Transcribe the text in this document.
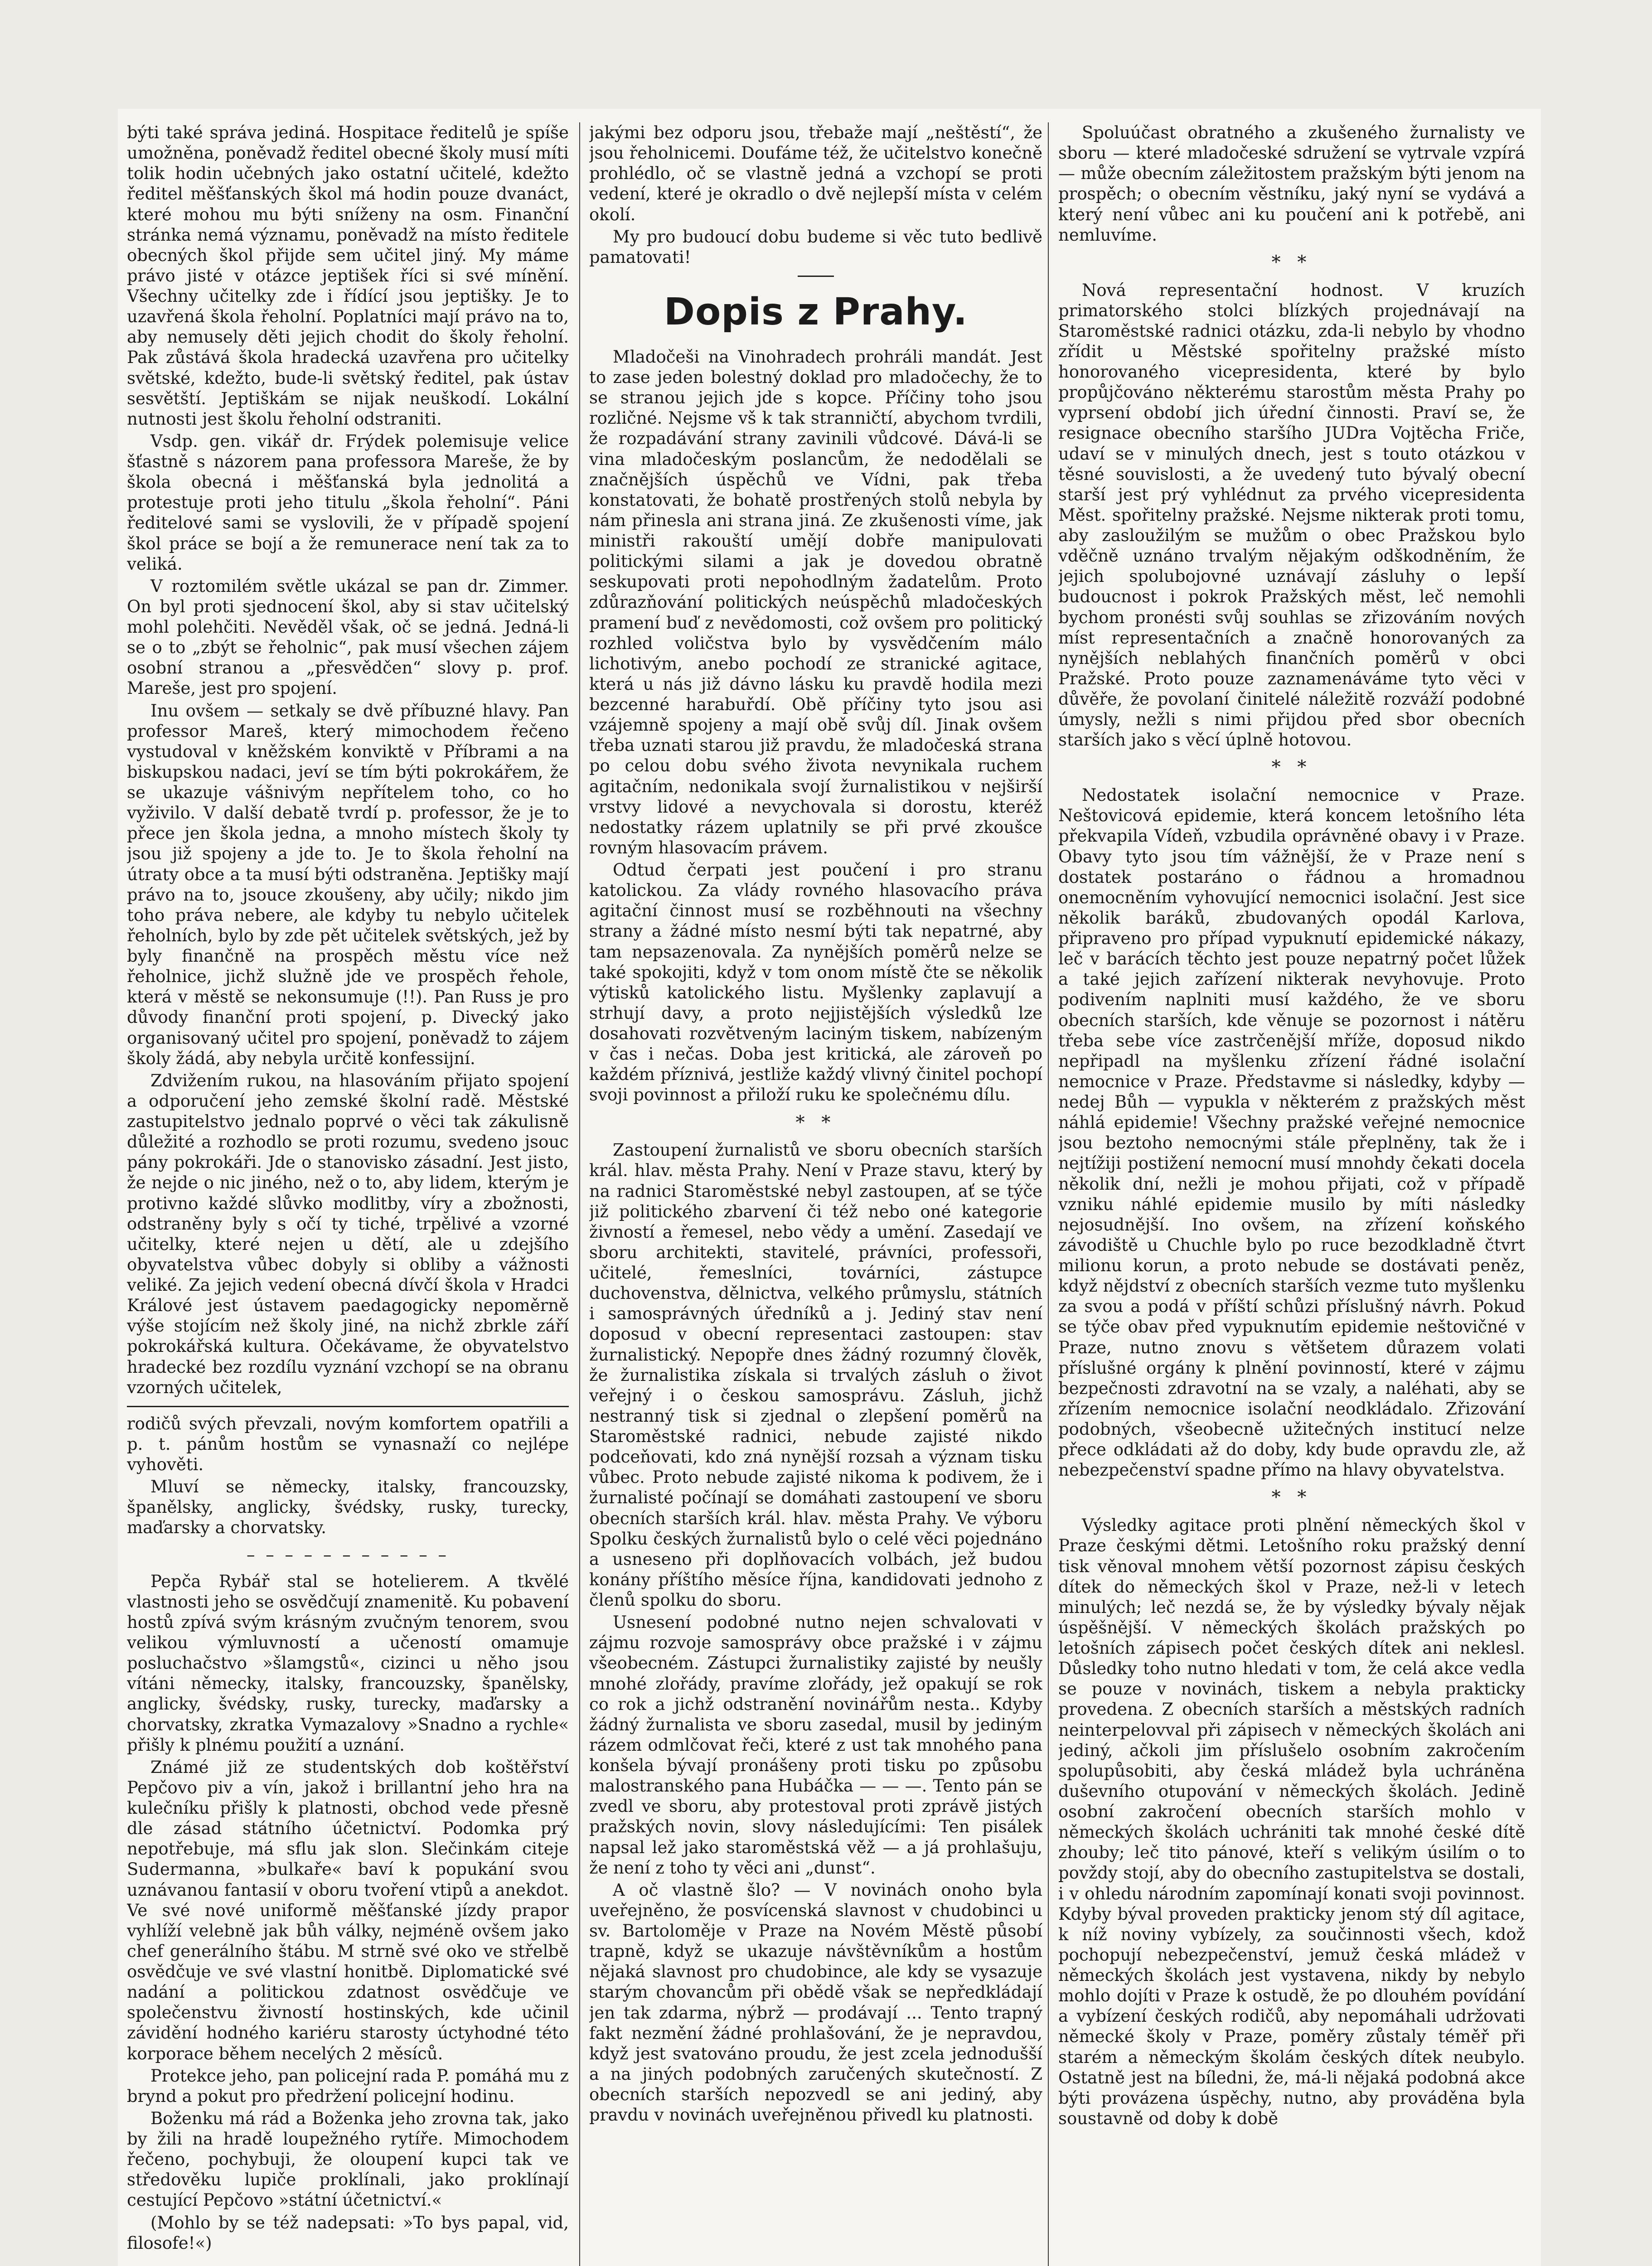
býti také správa jediná. Hospitace ředitelů je spíše umožněna, poněvadž ředitel obecné školy musí míti tolik hodin učebných jako ostatní učitelé, kdežto ředitel měšťanských škol má hodin pouze dvanáct, které mohou mu býti sníženy na osm. Finanční stránka nemá významu, poněvadž na místo ředitele obecných škol přijde sem učitel jiný. My máme právo jisté v otázce jeptišek říci si své mínění. Všechny učitelky zde i řídící jsou jeptišky. Je to uzavřená škola řeholní. Poplatníci mají právo na to, aby nemusely děti jejich chodit do školy řeholní. Pak zůstává škola hradecká uzavřena pro učitelky světské, kdežto, bude-li světský ředitel, pak ústav sesvětští. Jeptiškám se nijak neuškodí. Lokální nutnosti jest školu řeholní odstraniti.

Vsdp. gen. vikář dr. Frýdek polemisuje velice šťastně s názorem pana professora Mareše, že by škola obecná i měšťanská byla jednolitá a protestuje proti jeho titulu „škola řeholní“. Páni ředitelové sami se vyslovili, že v případě spojení škol práce se bojí a že remunerace není tak za to veliká.

V roztomilém světle ukázal se pan dr. Zimmer. On byl proti sjednocení škol, aby si stav učitelský mohl polehčiti. Nevěděl však, oč se jedná. Jedná-li se o to „zbýt se řeholnic“, pak musí všechen zájem osobní stranou a „přesvědčen“ slovy p. prof. Mareše, jest pro spojení.

Inu ovšem — setkaly se dvě příbuzné hlavy. Pan professor Mareš, který mimochodem řečeno vystudoval v kněžském konviktě v Příbrami a na biskupskou nadaci, jeví se tím býti pokrokářem, že se ukazuje vášnivým nepřítelem toho, co ho vyživilo. V další debatě tvrdí p. professor, že je to přece jen škola jedna, a mnoho místech školy ty jsou již spojeny a jde to. Je to škola řeholní na útraty obce a ta musí býti odstraněna. Jeptišky mají právo na to, jsouce zkoušeny, aby učily; nikdo jim toho práva nebere, ale kdyby tu nebylo učitelek řeholních, bylo by zde pět učitelek světských, jež by byly finančně na prospěch městu více než řeholnice, jichž služně jde ve prospěch řehole, která v městě se nekonsumuje (!!). Pan Russ je pro důvody finanční proti spojení, p. Divecký jako organisovaný učitel pro spojení, poněvadž to zájem školy žádá, aby nebyla určitě konfessijní.

Zdvižením rukou, na hlasováním přijato spojení a odporučení jeho zemské školní radě. Městské zastupitelstvo jednalo poprvé o věci tak zákulisně důležité a rozhodlo se proti rozumu, svedeno jsouc pány pokrokáři. Jde o stanovisko zásadní. Jest jisto, že nejde o nic jiného, než o to, aby lidem, kterým je protivno každé slůvko modlitby, víry a zbožnosti, odstraněny byly s očí ty tiché, trpělivé a vzorné učitelky, které nejen u dětí, ale u zdejšího obyvatelstva vůbec dobyly si obliby a vážnosti veliké. Za jejich vedení obecná dívčí škola v Hradci Králové jest ústavem paedagogicky nepoměrně výše stojícím než školy jiné, na nichž zbrkle září pokrokářská kultura. Očekávame, že obyvatelstvo hradecké bez rozdílu vyznání vzchopí se na obranu vzorných učitelek,

rodičů svých převzali, novým komfortem opatřili a p. t. pánům hostům se vynasnaží co nejlépe vyhověti.

Mluví se německy, italsky, francouzsky, španělsky, anglicky, švédsky, rusky, turecky, maďarsky a chorvatsky.

– – – – – – – – – – –

Pepča Rybář stal se hotelierem. A tkvělé vlastnosti jeho se osvědčují znamenitě. Ku pobavení hostů zpívá svým krásným zvučným tenorem, svou velikou výmluvností a učeností omamuje posluchačstvo »šlamgstů«, cizinci u něho jsou vítáni německy, italsky, francouzsky, španělsky, anglicky, švédsky, rusky, turecky, maďarsky a chorvatsky, zkratka Vymazalovy »Snadno a rychle« přišly k plnému použití a uznání.

Známé již ze studentských dob koštěřství Pepčovo piv a vín, jakož i brillantní jeho hra na kulečníku přišly k platnosti, obchod vede přesně dle zásad státního účetnictví. Podomka prý nepotřebuje, má sflu jak slon. Slečinkám citeje Sudermanna, »bulkaře« baví k popukání svou uznávanou fantasií v oboru tvoření vtipů a anekdot. Ve své nové uniformě měšťanské jízdy prapor vyhlíží velebně jak bůh války, nejméně ovšem jako chef generálního štábu. M strně své oko ve střelbě osvědčuje ve své vlastní honitbě. Diplomatické své nadání a politickou zdatnost osvědčuje ve společenstvu živností hostinských, kde učinil závidění hodného kariéru starosty úctyhodné této korporace během necelých 2 měsíců.

Protekce jeho, pan policejní rada P. pomáhá mu z brynd a pokut pro předržení policejní hodinu.

Boženku má rád a Boženka jeho zrovna tak, jako by žili na hradě loupežného rytíře. Mimochodem řečeno, pochybuji, že oloupení kupci tak ve středověku lupiče proklínali, jako proklínají cestující Pepčovo »státní účetnictví.«

(Mohlo by se též nadepsati: »To bys papal, vid, filosofe!«)

jakými bez odporu jsou, třebaže mají „neštěstí“, že jsou řeholnicemi. Doufáme též, že učitelstvo konečně prohlédlo, oč se vlastně jedná a vzchopí se proti vedení, které je okradlo o dvě nejlepší místa v celém okolí.

My pro budoucí dobu budeme si věc tuto bedlivě pamatovati!

Dopis z Prahy.

Mladočeši na Vinohradech prohráli mandát. Jest to zase jeden bolestný doklad pro mladočechy, že to se stranou jejich jde s kopce. Příčiny toho jsou rozličné. Nejsme vš k tak stranničtí, abychom tvrdili, že rozpadávání strany zavinili vůdcové. Dává-li se vina mladočeským poslancům, že nedodělali se značnějších úspěchů ve Vídni, pak třeba konstatovati, že bohatě prostřených stolů nebyla by nám přinesla ani strana jiná. Ze zkušenosti víme, jak ministři rakouští umějí dobře manipulovati politickými silami a jak je dovedou obratně seskupovati proti nepohodlným žadatelům. Proto zdůrazňování politických neúspěchů mladočeských pramení buď z nevědomosti, což ovšem pro politický rozhled voličstva bylo by vysvědčením málo lichotivým, anebo pochodí ze stranické agitace, která u nás již dávno lásku ku pravdě hodila mezi bezcenné harabuřdí. Obě příčiny tyto jsou asi vzájemně spojeny a mají obě svůj díl. Jinak ovšem třeba uznati starou již pravdu, že mladočeská strana po celou dobu svého života nevynikala ruchem agitačním, nedonikala svojí žurnalistikou v nejširší vrstvy lidové a nevychovala si dorostu, kteréž nedostatky rázem uplatnily se při prvé zkoušce rovným hlasovacím právem.

Odtud čerpati jest poučení i pro stranu katolickou. Za vlády rovného hlasovacího práva agitační činnost musí se rozběhnouti na všechny strany a žádné místo nesmí býti tak nepatrné, aby tam nepsazenovala. Za nynějších poměrů nelze se také spokojiti, když v tom onom místě čte se několik výtisků katolického listu. Myšlenky zaplavují a strhují davy, a proto nejjistějších výsledků lze dosahovati rozvětveným laciným tiskem, nabízeným v čas i nečas. Doba jest kritická, ale zároveň po každém příznivá, jestliže každý vlivný činitel pochopí svoji povinnost a přiloží ruku ke společnému dílu.

* *

Zastoupení žurnalistů ve sboru obecních starších král. hlav. města Prahy. Není v Praze stavu, který by na radnici Staroměstské nebyl zastoupen, ať se týče již politického zbarvení či též nebo oné kategorie živností a řemesel, nebo vědy a umění. Zasedají ve sboru architekti, stavitelé, právníci, professoři, učitelé, řemeslníci, továrníci, zástupce duchovenstva, dělnictva, velkého průmyslu, státních i samosprávných úředníků a j. Jediný stav není doposud v obecní representaci zastoupen: stav žurnalistický. Nepopře dnes žádný rozumný člověk, že žurnalistika získala si trvalých zásluh o život veřejný i o českou samosprávu. Zásluh, jichž nestranný tisk si zjednal o zlepšení poměrů na Staroměstské radnici, nebude zajisté nikdo podceňovati, kdo zná nynější rozsah a význam tisku vůbec. Proto nebude zajisté nikoma k podivem, že i žurnalisté počínají se domáhati zastoupení ve sboru obecních starších král. hlav. města Prahy. Ve výboru Spolku českých žurnalistů bylo o celé věci pojednáno a usneseno při doplňovacích volbách, jež budou konány příštího měsíce října, kandidovati jednoho z členů spolku do sboru.

Usnesení podobné nutno nejen schvalovati v zájmu rozvoje samosprávy obce pražské i v zájmu všeobecném. Zástupci žurnalistiky zajisté by neušly mnohé zlořády, pravíme zlořády, jež opakují se rok co rok a jichž odstranění novinářům nesta.. Kdyby žádný žurnalista ve sboru zasedal, musil by jediným rázem odmlčovat řeči, které z ust tak mnohého pana konšela bývají pronášeny proti tisku po způsobu malostranského pana Hubáčka — — —. Tento pán se zvedl ve sboru, aby protestoval proti zprávě jistých pražských novin, slovy následujícími: Ten pisálek napsal lež jako staroměstská věž — a já prohlašuju, že není z toho ty věci ani „dunst“.

A oč vlastně šlo? — V novinách onoho byla uveřejněno, že posvícenská slavnost v chudobinci u sv. Bartoloměje v Praze na Novém Městě působí trapně, když se ukazuje návštěvníkům a hostům nějaká slavnost pro chudobince, ale kdy se vysazuje starým chovancům při obědě však se nepředkládají jen tak zdarma, nýbrž — prodávají ... Tento trapný fakt nezmění žádné prohlašování, že je nepravdou, když jest svatováno proudu, že jest zcela jednodušší a na jiných podobných zaručených skutečností. Z obecních starších nepozvedl se ani jediný, aby pravdu v novinách uveřejněnou přivedl ku platnosti.

Spoluúčast obratného a zkušeného žurnalisty ve sboru — které mladočeské sdružení se vytrvale vzpírá — může obecním záležitostem pražským býti jenom na prospěch; o obecním věstníku, jaký nyní se vydává a který není vůbec ani ku poučení ani k potřebě, ani nemluvíme.

* *

Nová representační hodnost. V kruzích primatorského stolci blízkých projednávají na Staroměstské radnici otázku, zda-li nebylo by vhodno zřídit u Městské spořitelny pražské místo honorovaného vicepresidenta, které by bylo propůjčováno některému starostům města Prahy po vyprsení období jich úřední činnosti. Praví se, že resignace obecního staršího JUDra Vojtěcha Friče, udaví se v minulých dnech, jest s touto otázkou v těsné souvislosti, a že uvedený tuto bývalý obecní starší jest prý vyhlédnut za prvého vicepresidenta Měst. spořitelny pražské. Nejsme nikterak proti tomu, aby zasloužilým se mužům o obec Pražskou bylo vděčně uznáno trvalým nějakým odškodněním, že jejich spolubojovné uznávají zásluhy o lepší budoucnost i pokrok Pražských měst, leč nemohli bychom pronésti svůj souhlas se zřizováním nových míst representačních a značně honorovaných za nynějších neblahých finančních poměrů v obci Pražské. Proto pouze zaznamenáváme tyto věci v důvěře, že povolaní činitelé náležitě rozváží podobné úmysly, nežli s nimi přijdou před sbor obecních starších jako s věcí úplně hotovou.

* *

Nedostatek isolační nemocnice v Praze. Neštovicová epidemie, která koncem letošního léta překvapila Vídeň, vzbudila oprávněné obavy i v Praze. Obavy tyto jsou tím vážnější, že v Praze není s dostatek postaráno o řádnou a hromadnou onemocněním vyhovující nemocnici isolační. Jest sice několik baráků, zbudovaných opodál Karlova, připraveno pro případ vypuknutí epidemické nákazy, leč v barácích těchto jest pouze nepatrný počet lůžek a také jejich zařízení nikterak nevyhovuje. Proto podivením naplniti musí každého, že ve sboru obecních starších, kde věnuje se pozornost i nátěru třeba sebe více zastrčenější mříže, doposud nikdo nepřipadl na myšlenku zřízení řádné isolační nemocnice v Praze. Představme si následky, kdyby — nedej Bůh — vypukla v některém z pražských měst náhlá epidemie! Všechny pražské veřejné nemocnice jsou beztoho nemocnými stále přeplněny, tak že i nejtížiji postižení nemocní musí mnohdy čekati docela několik dní, nežli je mohou přijati, což v případě vzniku náhlé epidemie musilo by míti následky nejosudnější. Ino ovšem, na zřízení koňského závodiště u Chuchle bylo po ruce bezodkladně čtvrt milionu korun, a proto nebude se dostávati peněz, když nějdství z obecních starších vezme tuto myšlenku za svou a podá v příští schůzi příslušný návrh. Pokud se týče obav před vypuknutím epidemie neštovičné v Praze, nutno znovu s většetem důrazem volati příslušné orgány k plnění povinností, které v zájmu bezpečnosti zdravotní na se vzaly, a naléhati, aby se zřízením nemocnice isolační neodkládalo. Zřizování podobných, všeobecně užitečných institucí nelze přece odkládati až do doby, kdy bude opravdu zle, až nebezpečenství spadne přímo na hlavy obyvatelstva.

* *

Výsledky agitace proti plnění německých škol v Praze českými dětmi. Letošního roku pražský denní tisk věnoval mnohem větší pozornost zápisu českých dítek do německých škol v Praze, než-li v letech minulých; leč nezdá se, že by výsledky bývaly nějak úspěšnější. V německých školách pražských po letošních zápisech počet českých dítek ani neklesl. Důsledky toho nutno hledati v tom, že celá akce vedla se pouze v novinách, tiskem a nebyla prakticky provedena. Z obecních starších a městských radních neinterpelovval při zápisech v německých školách ani jediný, ačkoli jim příslušelo osobním zakročením spolupůsobiti, aby česká mládež byla uchráněna duševního otupování v německých školách. Jedině osobní zakročení obecních starších mohlo v německých školách uchrániti tak mnohé české dítě zhouby; leč tito pánové, kteří s velikým úsilím o to povždy stojí, aby do obecního zastupitelstva se dostali, i v ohledu národním zapomínají konati svoji povinnost. Kdyby býval proveden prakticky jenom stý díl agitace, k níž noviny vybízely, za součinnosti všech, kdož pochopují nebezpečenství, jemuž česká mládež v německých školách jest vystavena, nikdy by nebylo mohlo dojíti v Praze k ostudě, že po dlouhém povídání a vybízení českých rodičů, aby nepomáhali udržovati německé školy v Praze, poměry zůstaly téměř při starém a německým školám českých dítek neubylo. Ostatně jest na bíledni, že, má-li nějaká podobná akce býti provázena úspěchy, nutno, aby prováděna byla soustavně od doby k době
